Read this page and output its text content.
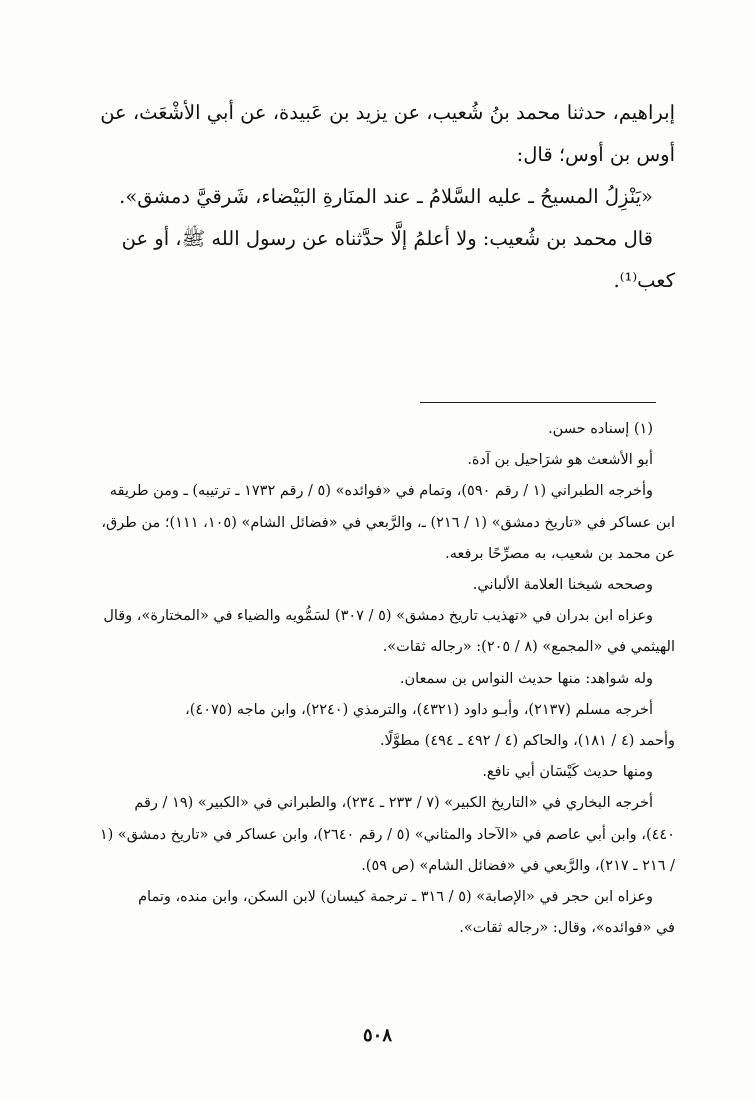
إبراهيم، حدثنا محمد بنُ شُعيب، عن يزيد بن عَبيدة، عن أبي الأشْعَث، عن

أوس بن أوس؛ قال:

«يَنْزِلُ المسيحُ ـ عليه السَّلامُ ـ عند المنَارةِ البَيْضاء، شَرقيَّ دمشق».

قال محمد بن شُعيب: ولا أعلمُ إلَّا حدَّثناه عن رسول الله ﷺ، أو عن

كعب⁽¹⁾.

(١) إسناده حسن.

أبو الأشعث هو شرَاحيل بن آدة.

وأخرجه الطبراني (١ / رقم ٥٩٠)، وتمام في «فوائده» (٥ / رقم ١٧٣٢ ـ ترتيبه) ـ ومن طريقه

ابن عساكر في «تاريخ دمشق» (١ / ٢١٦) ـ، والرَّبعي في «فضائل الشام» (١٠٥، ١١١)؛ من طرق،

عن محمد بن شعيب، به مصرِّحًا برفعه.

وصححه شيخنا العلامة الألباني.

وعزاه ابن بدران في «تهذيب تاريخ دمشق» (٥ / ٣٠٧) لسَمُّويه والضياء في «المختارة»، وقال

الهيثمي في «المجمع» (٨ / ٢٠٥): «رجاله ثقات».

وله شواهد: منها حديث النواس بن سمعان.

أخرجه مسلم (٢١٣٧)، وأبـو داود (٤٣٢١)، والترمذي (٢٢٤٠)، وابن ماجه (٤٠٧٥)،

وأحمد (٤ / ١٨١)، والحاكم (٤ / ٤٩٢ ـ ٤٩٤) مطوَّلًا.

ومنها حديث كَيْسَان أبي نافع.

أخرجه البخاري في «التاريخ الكبير» (٧ / ٢٣٣ ـ ٢٣٤)، والطبراني في «الكبير» (١٩ / رقم

٤٤٠)، وابن أبي عاصم في «الآحاد والمثاني» (٥ / رقم ٢٦٤٠)، وابن عساكر في «تاريخ دمشق» (١

/ ٢١٦ ـ ٢١٧)، والرَّبعي في «فضائل الشام» (ص ٥٩).

وعزاه ابن حجر في «الإصابة» (٥ / ٣١٦ ـ ترجمة كيسان) لابن السكن، وابن منده، وتمام

في «فوائده»، وقال: «رجاله ثقات».

٥٠٨
